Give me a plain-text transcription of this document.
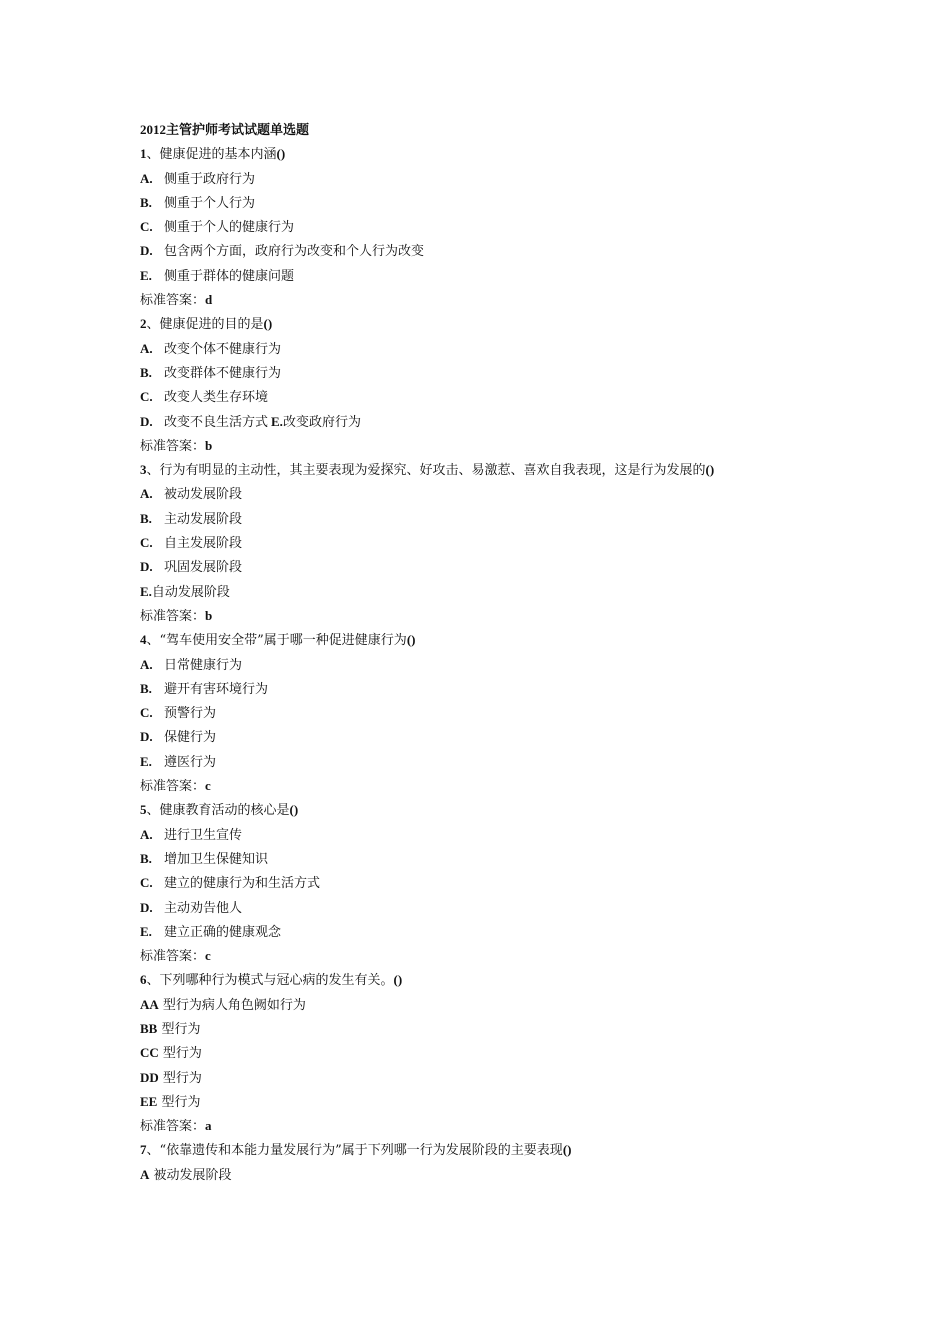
2012主管护师考试试题单选题
1、健康促进的基本内涵()
A. 侧重于政府行为
B. 侧重于个人行为
C. 侧重于个人的健康行为
D. 包含两个方面，政府行为改变和个人行为改变
E. 侧重于群体的健康问题
标准答案：d
2、健康促进的目的是()
A. 改变个体不健康行为
B. 改变群体不健康行为
C. 改变人类生存环境
D. 改变不良生活方式 E.改变政府行为
标准答案：b
3、行为有明显的主动性，其主要表现为爱探究、好攻击、易激惹、喜欢自我表现，这是行为发展的()
A. 被动发展阶段
B. 主动发展阶段
C. 自主发展阶段
D. 巩固发展阶段
E.自动发展阶段
标准答案：b
4、“驾车使用安全带”属于哪一种促进健康行为()
A. 日常健康行为
B. 避开有害环境行为
C. 预警行为
D. 保健行为
E. 遵医行为
标准答案：c
5、健康教育活动的核心是()
A. 进行卫生宣传
B. 增加卫生保健知识
C. 建立的健康行为和生活方式
D. 主动劝告他人
E. 建立正确的健康观念
标准答案：c
6、下列哪种行为模式与冠心病的发生有关。()
AA 型行为病人角色阙如行为
BB 型行为
CC 型行为
DD 型行为
EE 型行为
标准答案：a
7、“依靠遗传和本能力量发展行为”属于下列哪一行为发展阶段的主要表现()
A 被动发展阶段
